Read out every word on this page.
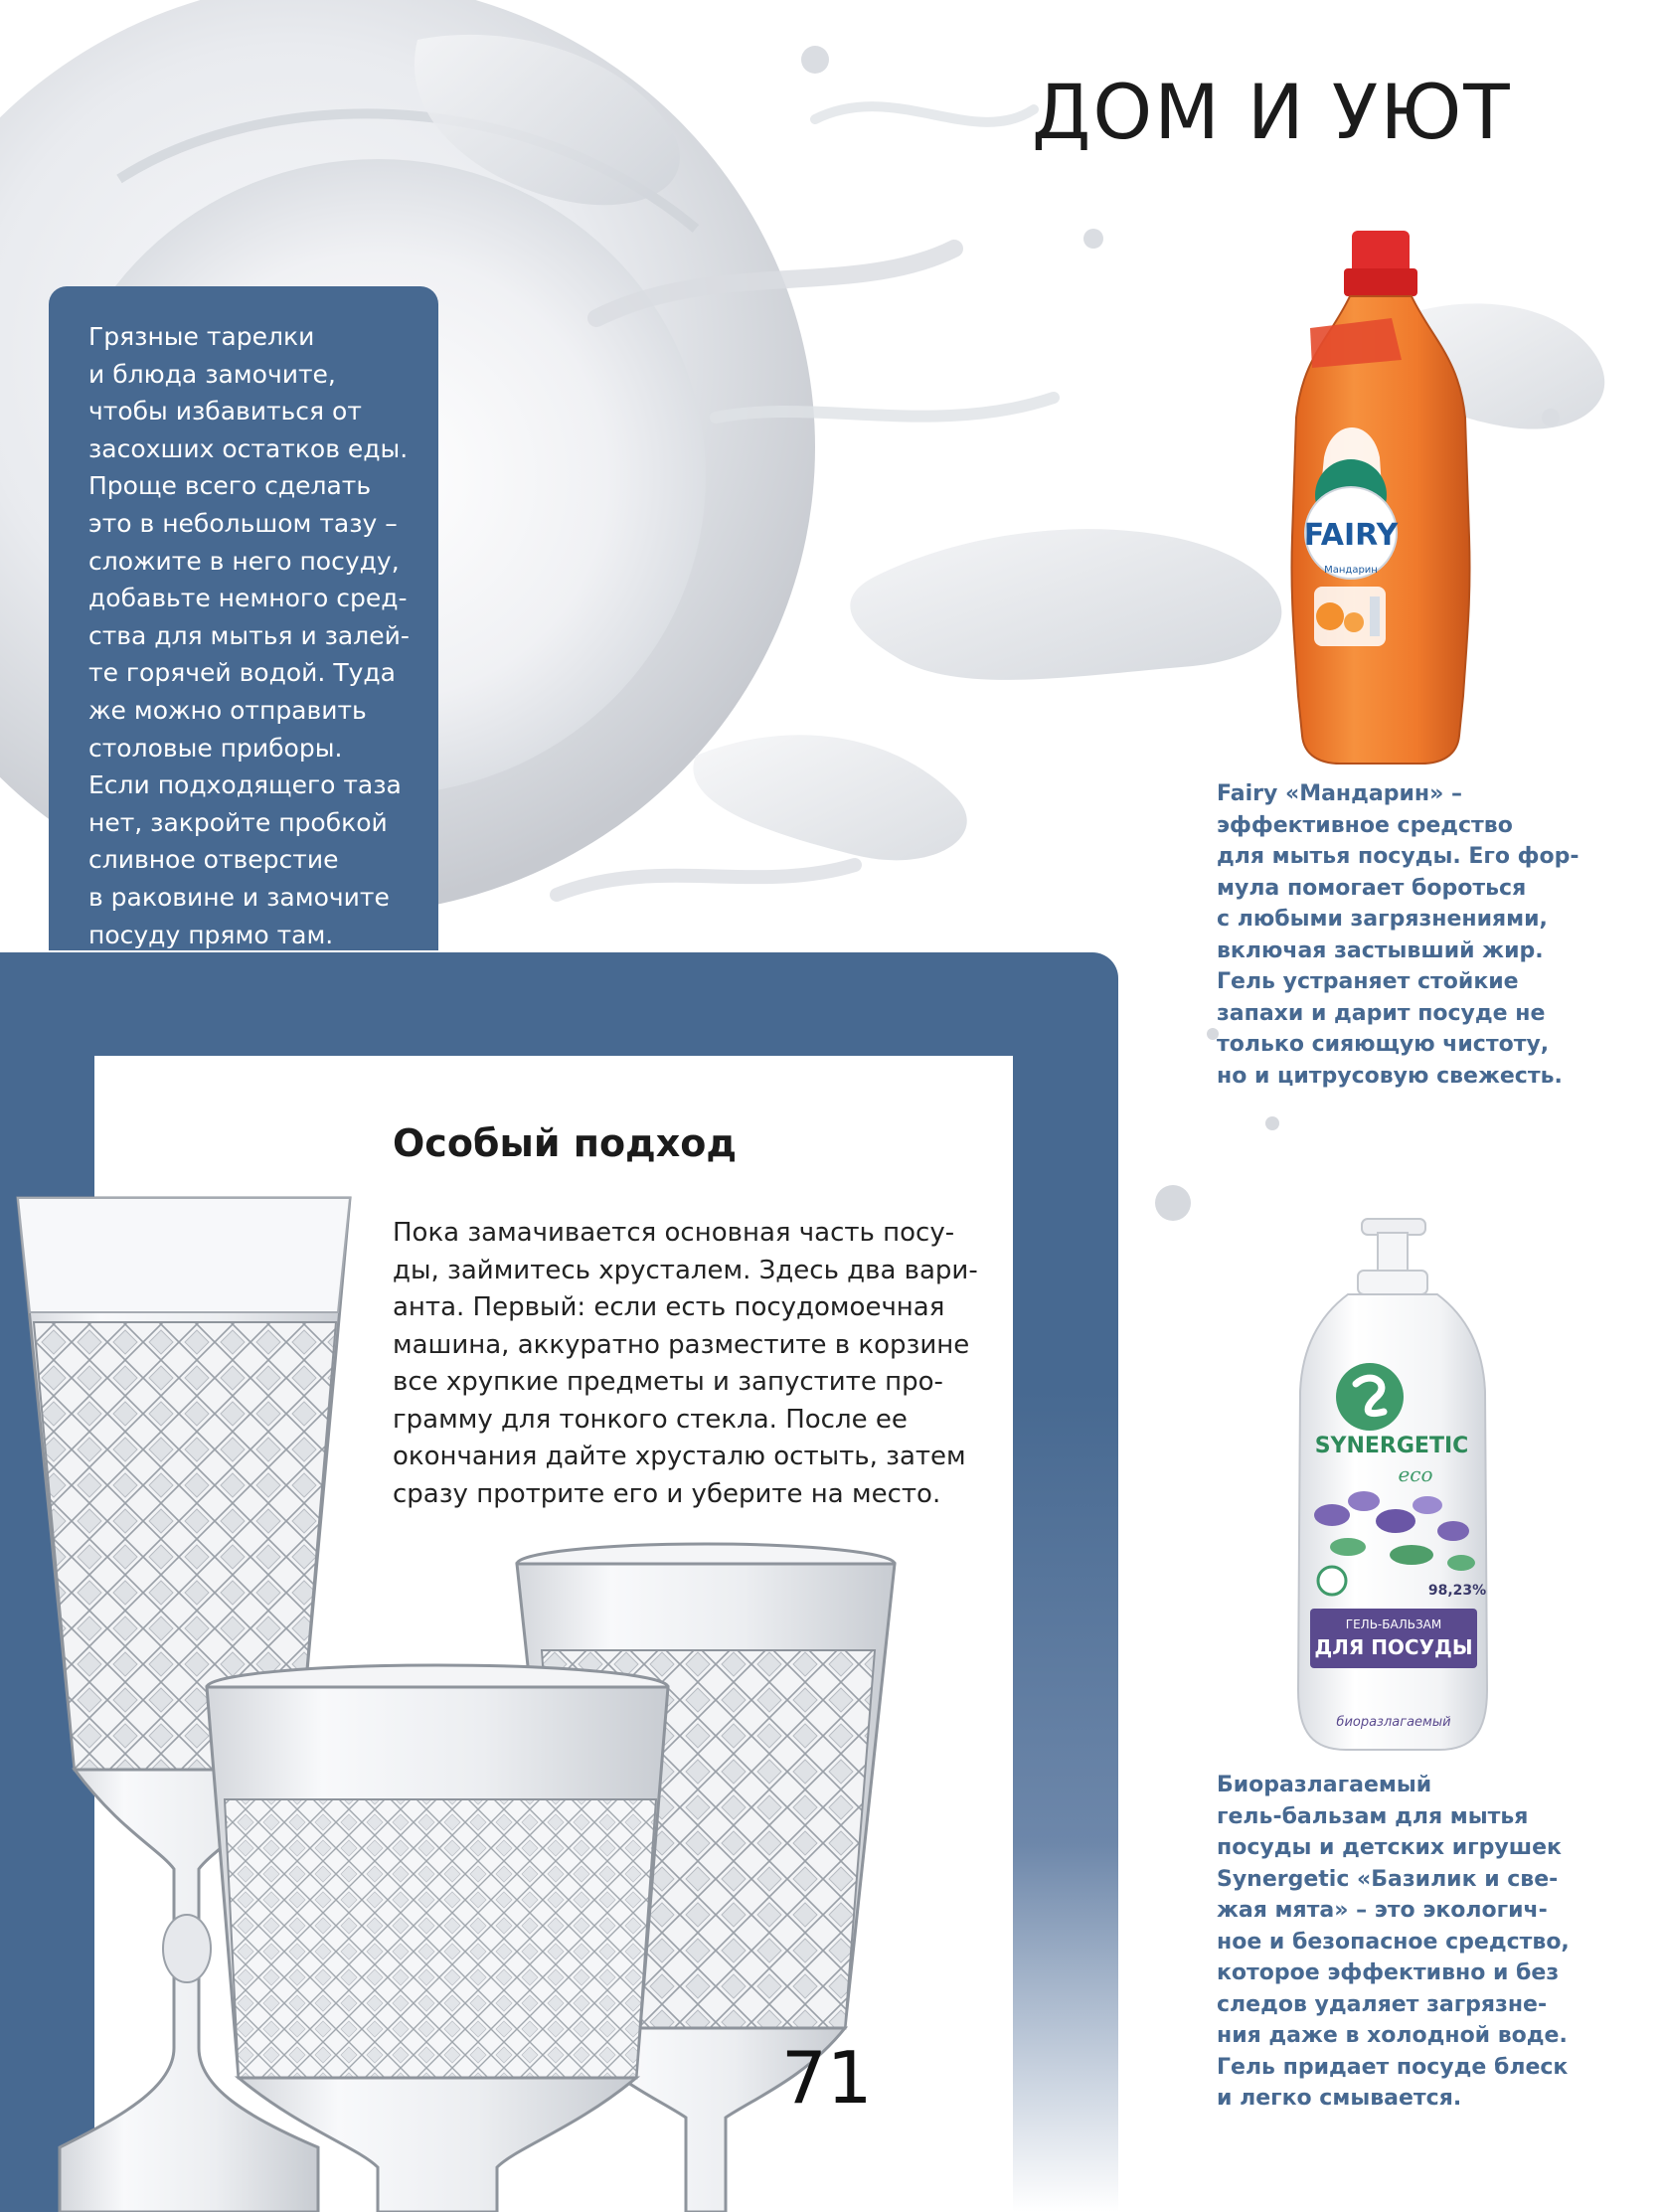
FAIRY
Мандарин
SYNERGETIC
eco
98,23%
ГЕЛЬ-БАЛЬЗАМ
ДЛЯ ПОСУДЫ
биоразлагаемый
ДОМ И УЮТ

Грязные тарелки
и блюда замочите,
чтобы избавиться от
засохших остатков еды.
Проще всего сделать
это в небольшом тазу –
сложите в него посуду,
добавьте немного сред-
ства для мытья и залей-
те горячей водой. Туда
же можно отправить
столовые приборы.
Если подходящего таза
нет, закройте пробкой
сливное отверстие
в раковине и замочите
посуду прямо там.

Особый подход

Пока замачивается основная часть посу-
ды, займитесь хрусталем. Здесь два вари-
анта. Первый: если есть посудомоечная
машина, аккуратно разместите в корзине
все хрупкие предметы и запустите про-
грамму для тонкого стекла. После ее
окончания дайте хрусталю остыть, затем
сразу протрите его и уберите на место.

Fairy «Мандарин» –
эффективное средство
для мытья посуды. Его фор-
мула помогает бороться
с любыми загрязнениями,
включая застывший жир.
Гель устраняет стойкие
запахи и дарит посуде не
только сияющую чистоту,
но и цитрусовую свежесть.

Биоразлагаемый
гель-бальзам для мытья
посуды и детских игрушек
Synergetic «Базилик и све-
жая мята» – это экологич-
ное и безопасное средство,
которое эффективно и без
следов удаляет загрязне-
ния даже в холодной воде.
Гель придает посуде блеск
и легко смывается.

71
